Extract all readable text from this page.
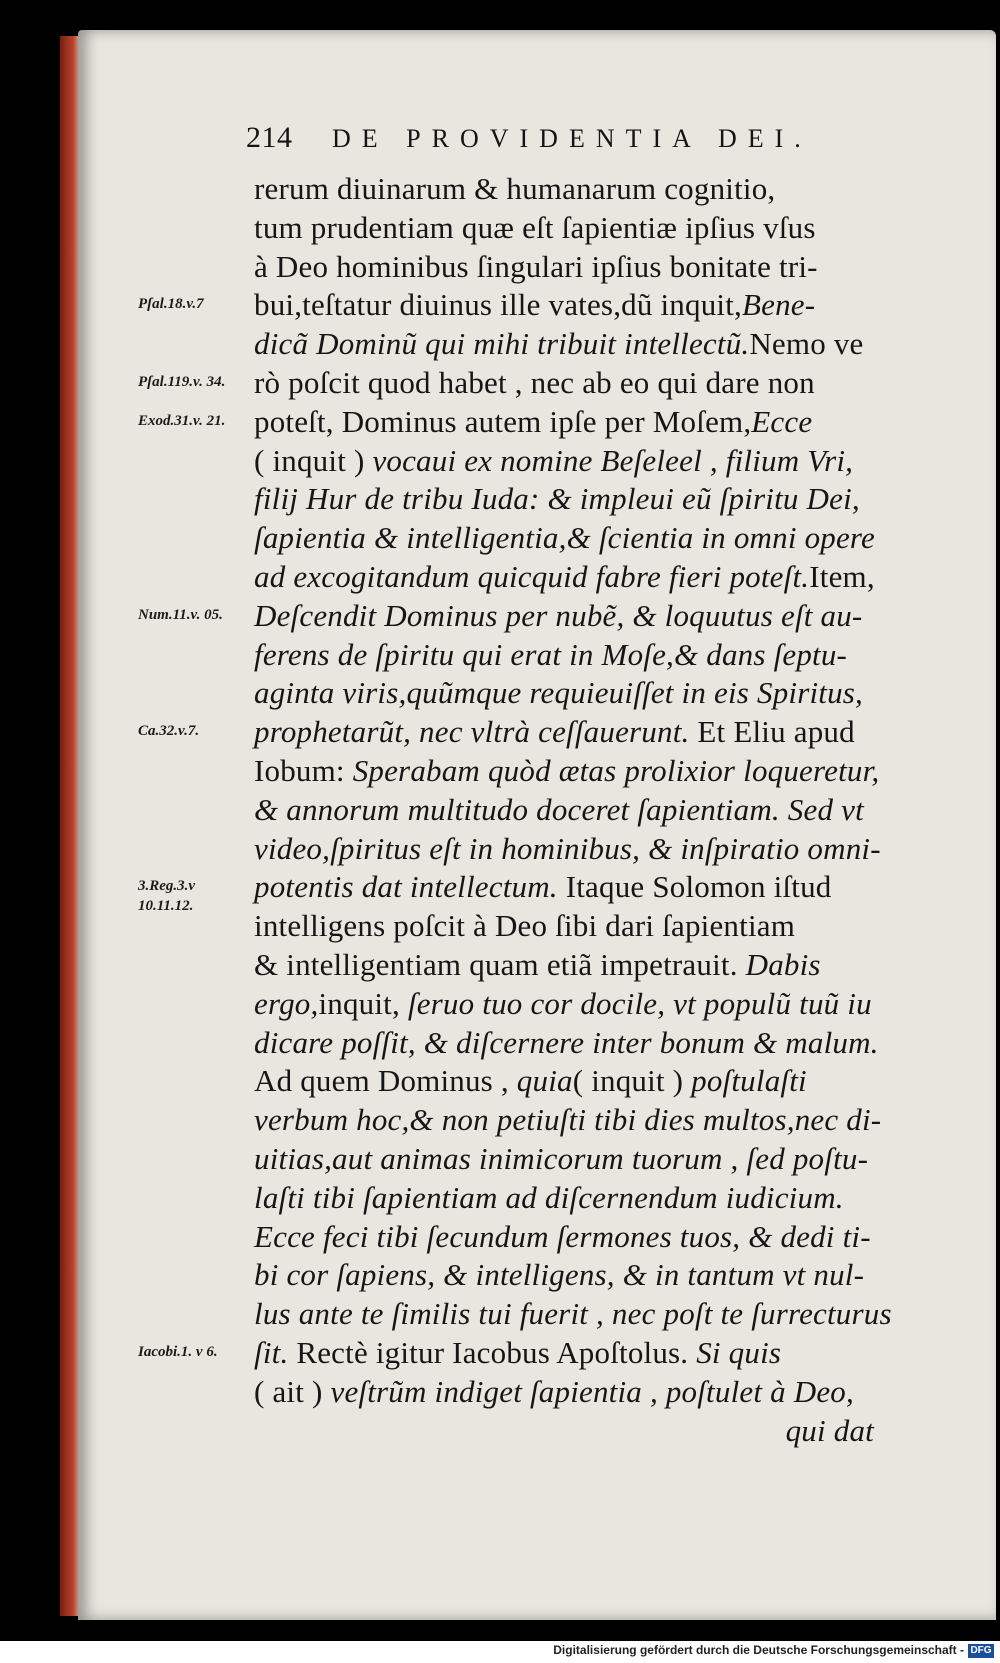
214 DE PROVIDENTIA DEI.
rerum diuinarum & humanarum cognitio,
tum prudentiam quæ eſt ſapientiæ ipſius vſus
à Deo hominibus ſingulari ipſius bonitate tri-
bui,teſtatur diuinus ille vates,dũ inquit,Bene-
dicã Dominũ qui mihi tribuit intellectũ.Nemo ve
rò poſcit quod habet , nec ab eo qui dare non
poteſt, Dominus autem ipſe per Moſem,Ecce
( inquit ) vocaui ex nomine Beſeleel , filium Vri,
filij Hur de tribu Iuda: & impleui eũ ſpiritu Dei,
ſapientia & intelligentia,& ſcientia in omni opere
ad excogitandum quicquid fabre fieri poteſt.Item,
Deſcendit Dominus per nubẽ, & loquutus eſt au-
ferens de ſpiritu qui erat in Moſe,& dans ſeptu-
aginta viris,quũmque requieuiſſet in eis Spiritus,
prophetarũt, nec vltrà ceſſauerunt. Et Eliu apud
Iobum: Sperabam quòd ætas prolixior loqueretur,
& annorum multitudo doceret ſapientiam. Sed vt
video,ſpiritus eſt in hominibus, & inſpiratio omni-
potentis dat intellectum. Itaque Solomon iſtud
intelligens poſcit à Deo ſibi dari ſapientiam
& intelligentiam quam etiã impetrauit. Dabis
ergo,inquit, ſeruo tuo cor docile, vt populũ tuũ iu
dicare poſſit, & diſcernere inter bonum & malum.
Ad quem Dominus , quia( inquit ) poſtulaſti
verbum hoc,& non petiuſti tibi dies multos,nec di-
uitias,aut animas inimicorum tuorum , ſed poſtu-
laſti tibi ſapientiam ad diſcernendum iudicium.
Ecce feci tibi ſecundum ſermones tuos, & dedi ti-
bi cor ſapiens, & intelligens, & in tantum vt nul-
lus ante te ſimilis tui fuerit , nec poſt te ſurrecturus
ſit. Rectè igitur Iacobus Apoſtolus. Si quis
( ait ) veſtrũm indiget ſapientia , poſtulet à Deo,
qui dat
Pſal.18.v.7
Pſal.119.v. 34.
Exod.31.v. 21.
Num.11.v. 05.
Ca.32.v.7.
3.Reg.3.v 10.11.12.
Iacobi.1. v 6.
Digitalisierung gefördert durch die Deutsche Forschungsgemeinschaft - DFG
